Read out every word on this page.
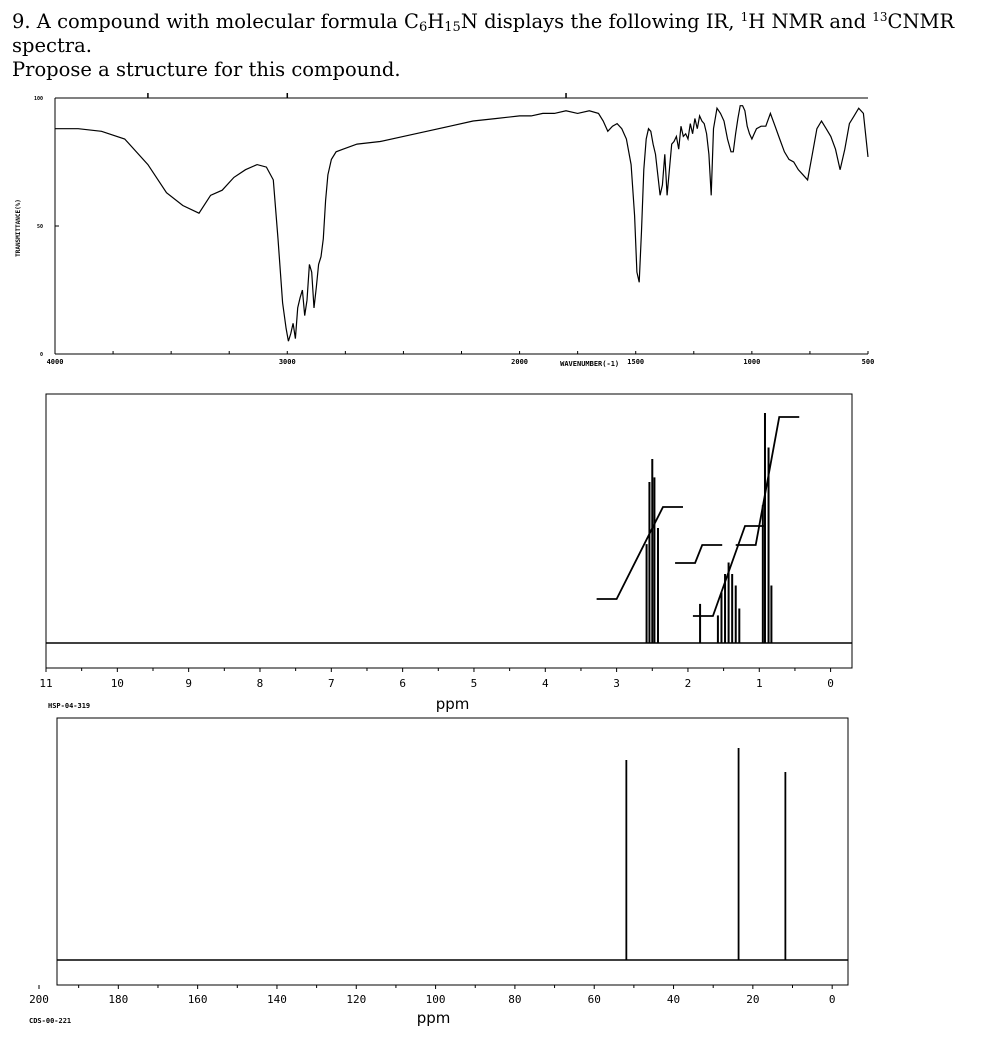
9. A compound with molecular formula $C_6H_{15}N$ displays the following IR, $^1$H NMR and $^{13}$CNMR spectra.
Propose a structure for this compound.
4000	3000	2000	1500	1000	500
100
50
0
WAVENUMBER(-1)
TRANSMITTANCE(%)
11	10	9	8	7	6	5	4	3	2	1	0
HSP-04-319	ppm
200	180	160	140	120	100	80	60	40	20	0
CDS-00-221	ppm
